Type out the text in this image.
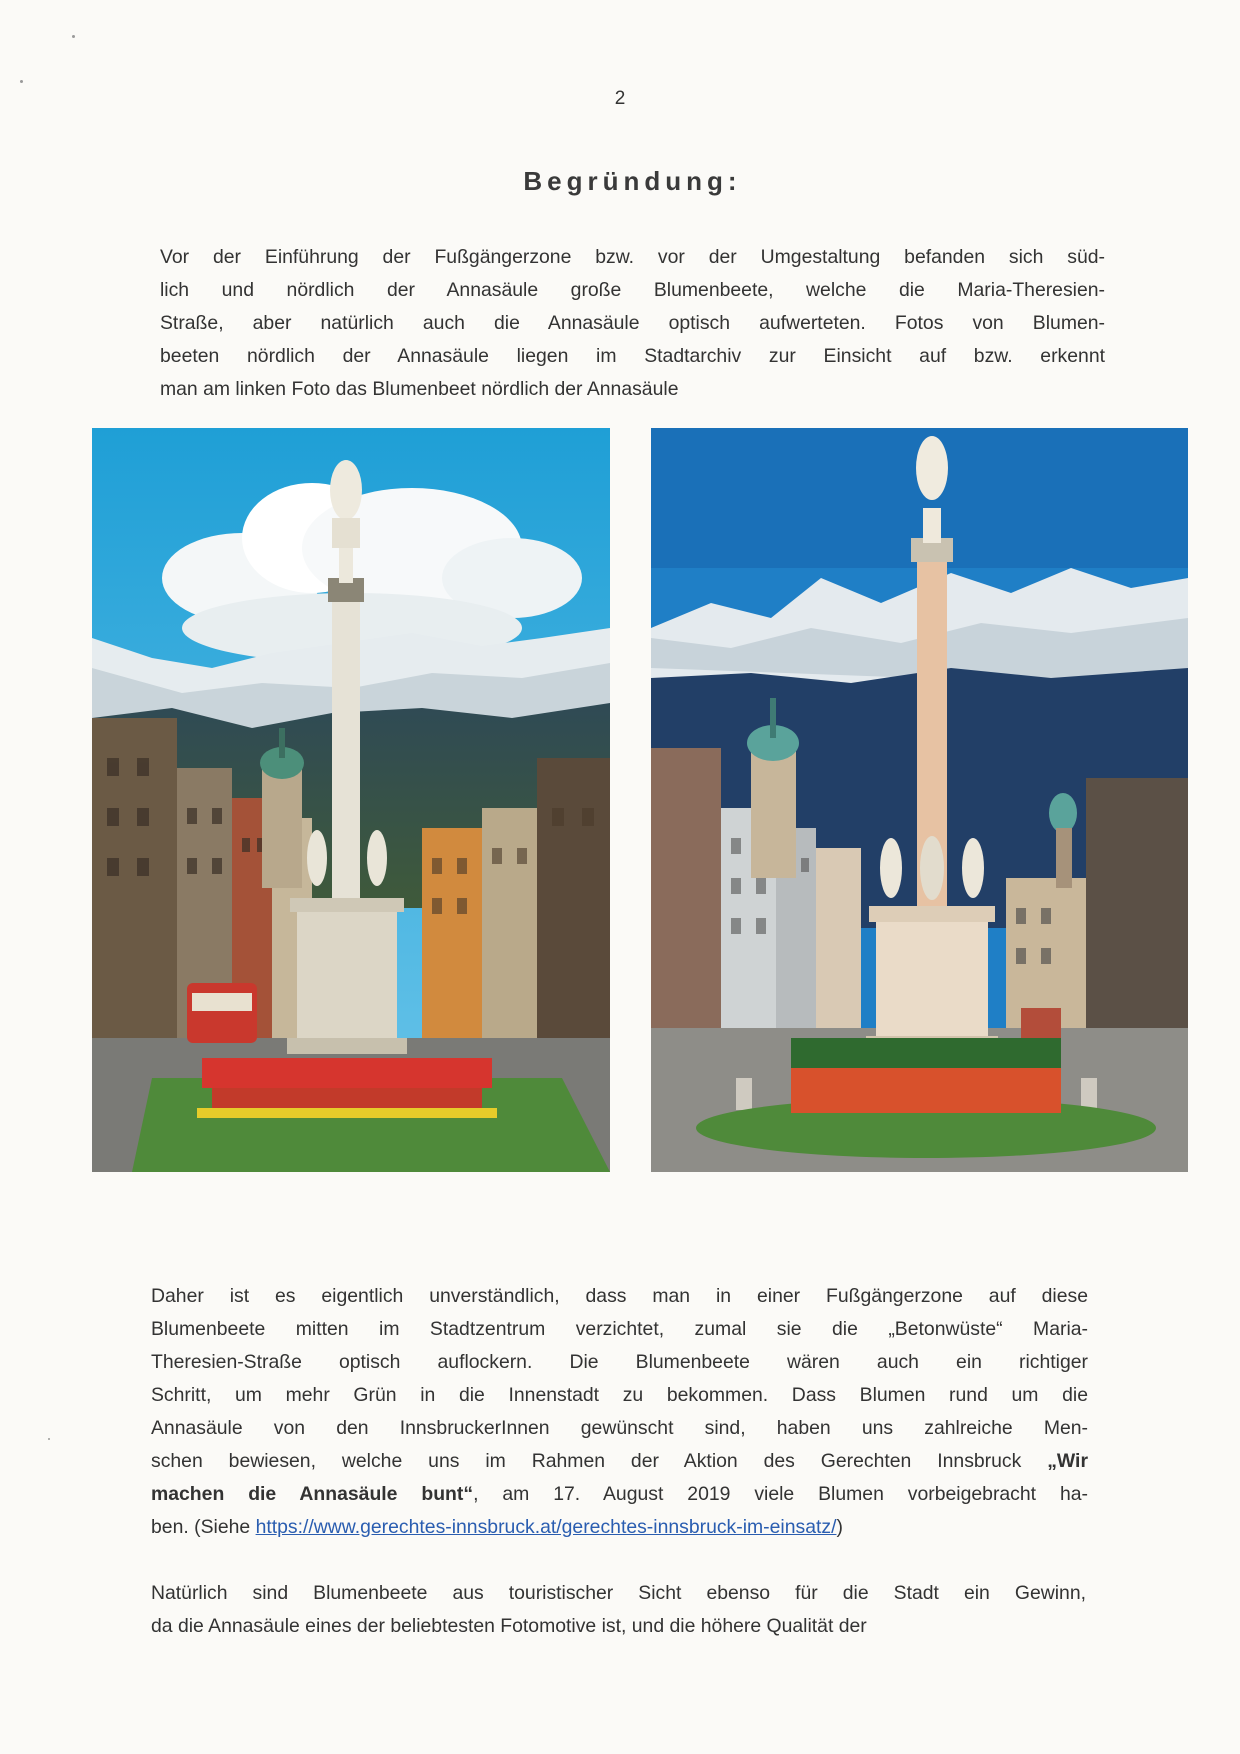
2
Begründung:
Vor der Einführung der Fußgängerzone bzw. vor der Umgestaltung befanden sich süd-
lich und nördlich der Annasäule große Blumenbeete, welche die Maria-Theresien-
Straße, aber natürlich auch die Annasäule optisch aufwerteten. Fotos von Blumen-
beeten nördlich der Annasäule liegen im Stadtarchiv zur Einsicht auf bzw. erkennt
man am linken Foto das Blumenbeet nördlich der Annasäule
Daher ist es eigentlich unverständlich, dass man in einer Fußgängerzone auf diese
Blumenbeete mitten im Stadtzentrum verzichtet, zumal sie die „Betonwüste“ Maria-
Theresien-Straße optisch auflockern. Die Blumenbeete wären auch ein richtiger
Schritt, um mehr Grün in die Innenstadt zu bekommen. Dass Blumen rund um die
Annasäule von den InnsbruckerInnen gewünscht sind, haben uns zahlreiche Men-
schen bewiesen, welche uns im Rahmen der Aktion des Gerechten Innsbruck „Wir
machen die Annasäule bunt“, am 17. August 2019 viele Blumen vorbeigebracht ha-
ben. (Siehe https://www.gerechtes-innsbruck.at/gerechtes-innsbruck-im-einsatz/)
Natürlich sind Blumenbeete aus touristischer Sicht ebenso für die Stadt ein Gewinn,
da die Annasäule eines der beliebtesten Fotomotive ist, und die höhere Qualität der
